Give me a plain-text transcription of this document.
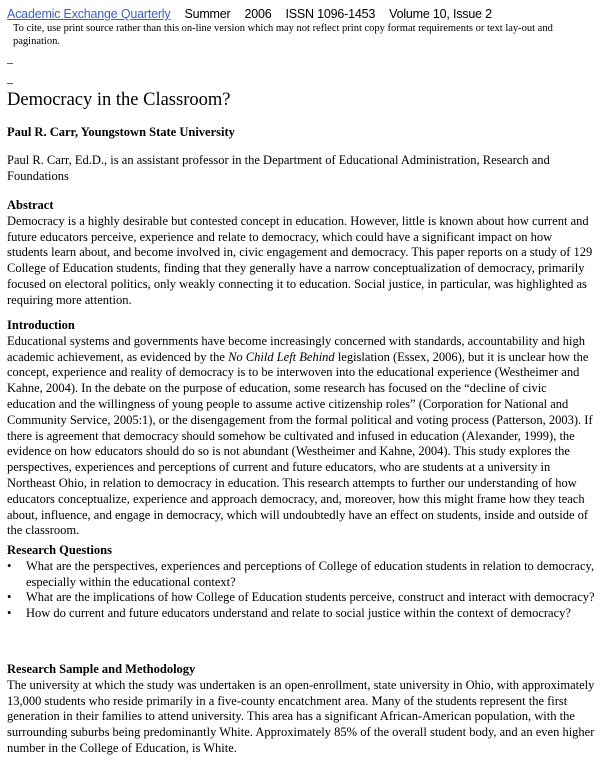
Academic Exchange Quarterly Summer 2006 ISSN 1096-1453 Volume 10, Issue 2
To cite, use print source rather than this on-line version which may not reflect print copy format requirements or text lay-out and pagination.
Democracy in the Classroom?

Paul R. Carr, Youngstown State University

Paul R. Carr, Ed.D., is an assistant professor in the Department of Educational Administration, Research and Foundations

Abstract

Democracy is a highly desirable but contested concept in education. However, little is known about how current and future educators perceive, experience and relate to democracy, which could have a significant impact on how students learn about, and become involved in, civic engagement and democracy. This paper reports on a study of 129 College of Education students, finding that they generally have a narrow conceptualization of democracy, primarily focused on electoral politics, only weakly connecting it to education. Social justice, in particular, was highlighted as requiring more attention.

Introduction

Educational systems and governments have become increasingly concerned with standards, accountability and high academic achievement, as evidenced by the No Child Left Behind legislation (Essex, 2006), but it is unclear how the concept, experience and reality of democracy is to be interwoven into the educational experience (Westheimer and Kahne, 2004). In the debate on the purpose of education, some research has focused on the “decline of civic education and the willingness of young people to assume active citizenship roles” (Corporation for National and Community Service, 2005:1), or the disengagement from the formal political and voting process (Patterson, 2003). If there is agreement that democracy should somehow be cultivated and infused in education (Alexander, 1999), the evidence on how educators should do so is not abundant (Westheimer and Kahne, 2004). This study explores the perspectives, experiences and perceptions of current and future educators, who are students at a university in Northeast Ohio, in relation to democracy in education. This research attempts to further our understanding of how educators conceptualize, experience and approach democracy, and, moreover, how this might frame how they teach about, influence, and engage in democracy, which will undoubtedly have an effect on students, inside and outside of the classroom.

Research Questions
• What are the perspectives, experiences and perceptions of College of education students in relation to democracy, especially within the educational context?
• What are the implications of how College of Education students perceive, construct and interact with democracy?
• How do current and future educators understand and relate to social justice within the context of democracy?
Research Sample and Methodology

The university at which the study was undertaken is an open-enrollment, state university in Ohio, with approximately 13,000 students who reside primarily in a five-county encatchment area. Many of the students represent the first generation in their families to attend university. This area has a significant African-American population, with the surrounding suburbs being predominantly White. Approximately 85% of the overall student body, and an even higher number in the College of Education, is White.
